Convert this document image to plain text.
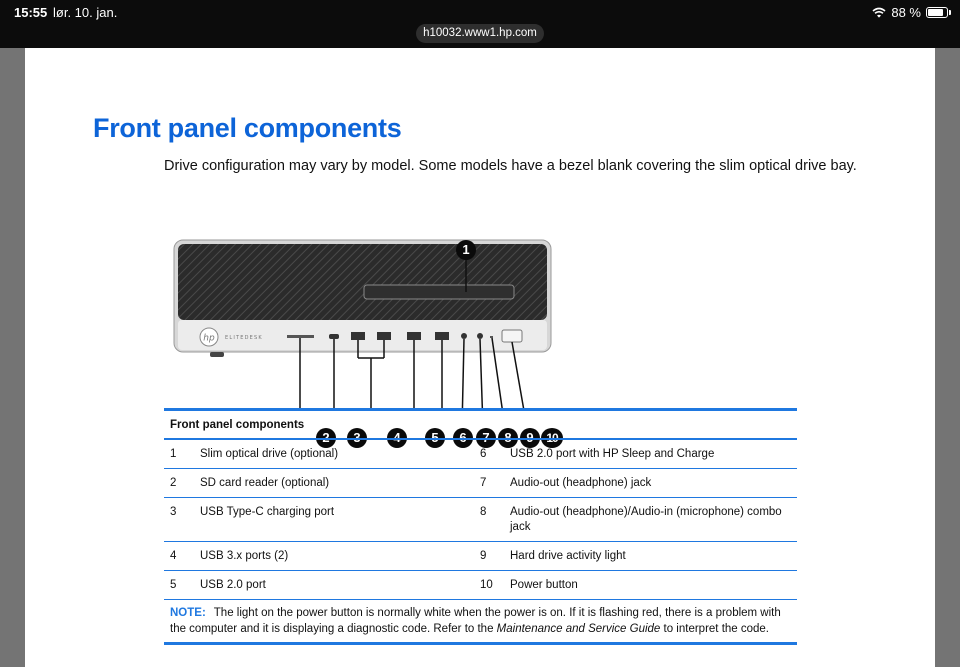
15:55 lør. 10. jan.	88 %
h10032.www1.hp.com
Front panel components

Drive configuration may vary by model. Some models have a bezel blank covering the slim optical drive bay.

hp ELITEDESK
1
2	3	4	5	6	7	8	9	10
Front panel components
1	Slim optical drive (optional)	6	USB 2.0 port with HP Sleep and Charge
2	SD card reader (optional)	7	Audio-out (headphone) jack
3	USB Type-C charging port	8	Audio-out (headphone)/Audio-in (microphone) combo jack
4	USB 3.x ports (2)	9	Hard drive activity light
5	USB 2.0 port	10	Power button
NOTE: The light on the power button is normally white when the power is on. If it is flashing red, there is a problem with the computer and it is displaying a diagnostic code. Refer to the Maintenance and Service Guide to interpret the code.
